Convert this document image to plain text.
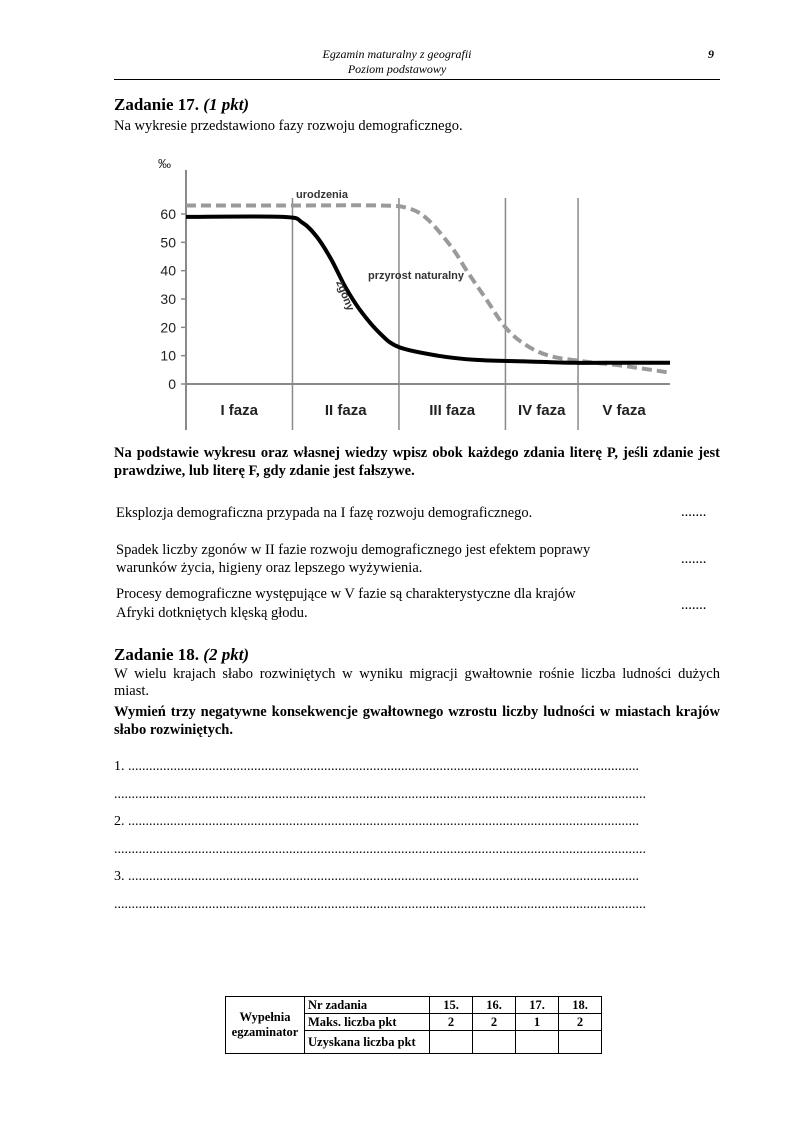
Egzamin maturalny z geografii
Poziom podstawowy
9
Zadanie 17. (1 pkt)
Na wykresie przedstawiono fazy rozwoju demograficznego.
‰
0
10
20
30
40
50
60
I faza	II faza	III faza	IV faza V faza
urodzenia
zgony
przyrost naturalny
Na podstawie wykresu oraz własnej wiedzy wpisz obok każdego zdania literę P, jeśli zdanie jest prawdziwe, lub literę F, gdy zdanie jest fałszywe.
Eksplozja demograficzna przypada na I fazę rozwoju demograficznego.	.......
Spadek liczby zgonów w II fazie rozwoju demograficznego jest efektem poprawy
warunków życia, higieny oraz lepszego wyżywienia.
.......
Procesy demograficzne występujące w V fazie są charakterystyczne dla krajów
Afryki dotkniętych klęską głodu.	.......
Zadanie 18. (2 pkt)
W wielu krajach słabo rozwiniętych w wyniku migracji gwałtownie rośnie liczba ludności dużych miast.
Wymień trzy negatywne konsekwencje gwałtownego wzrostu liczby ludności w miastach krajów słabo rozwiniętych.
1. ..................................................................................................................................................
........................................................................................................................................................
2. ..................................................................................................................................................
........................................................................................................................................................
3. ..................................................................................................................................................
........................................................................................................................................................
Wypełnia egzaminator	Nr zadania	15.	16.	17.	18.
	Maks. liczba pkt	2	2	1	2
	Uzyskana liczba pkt				
